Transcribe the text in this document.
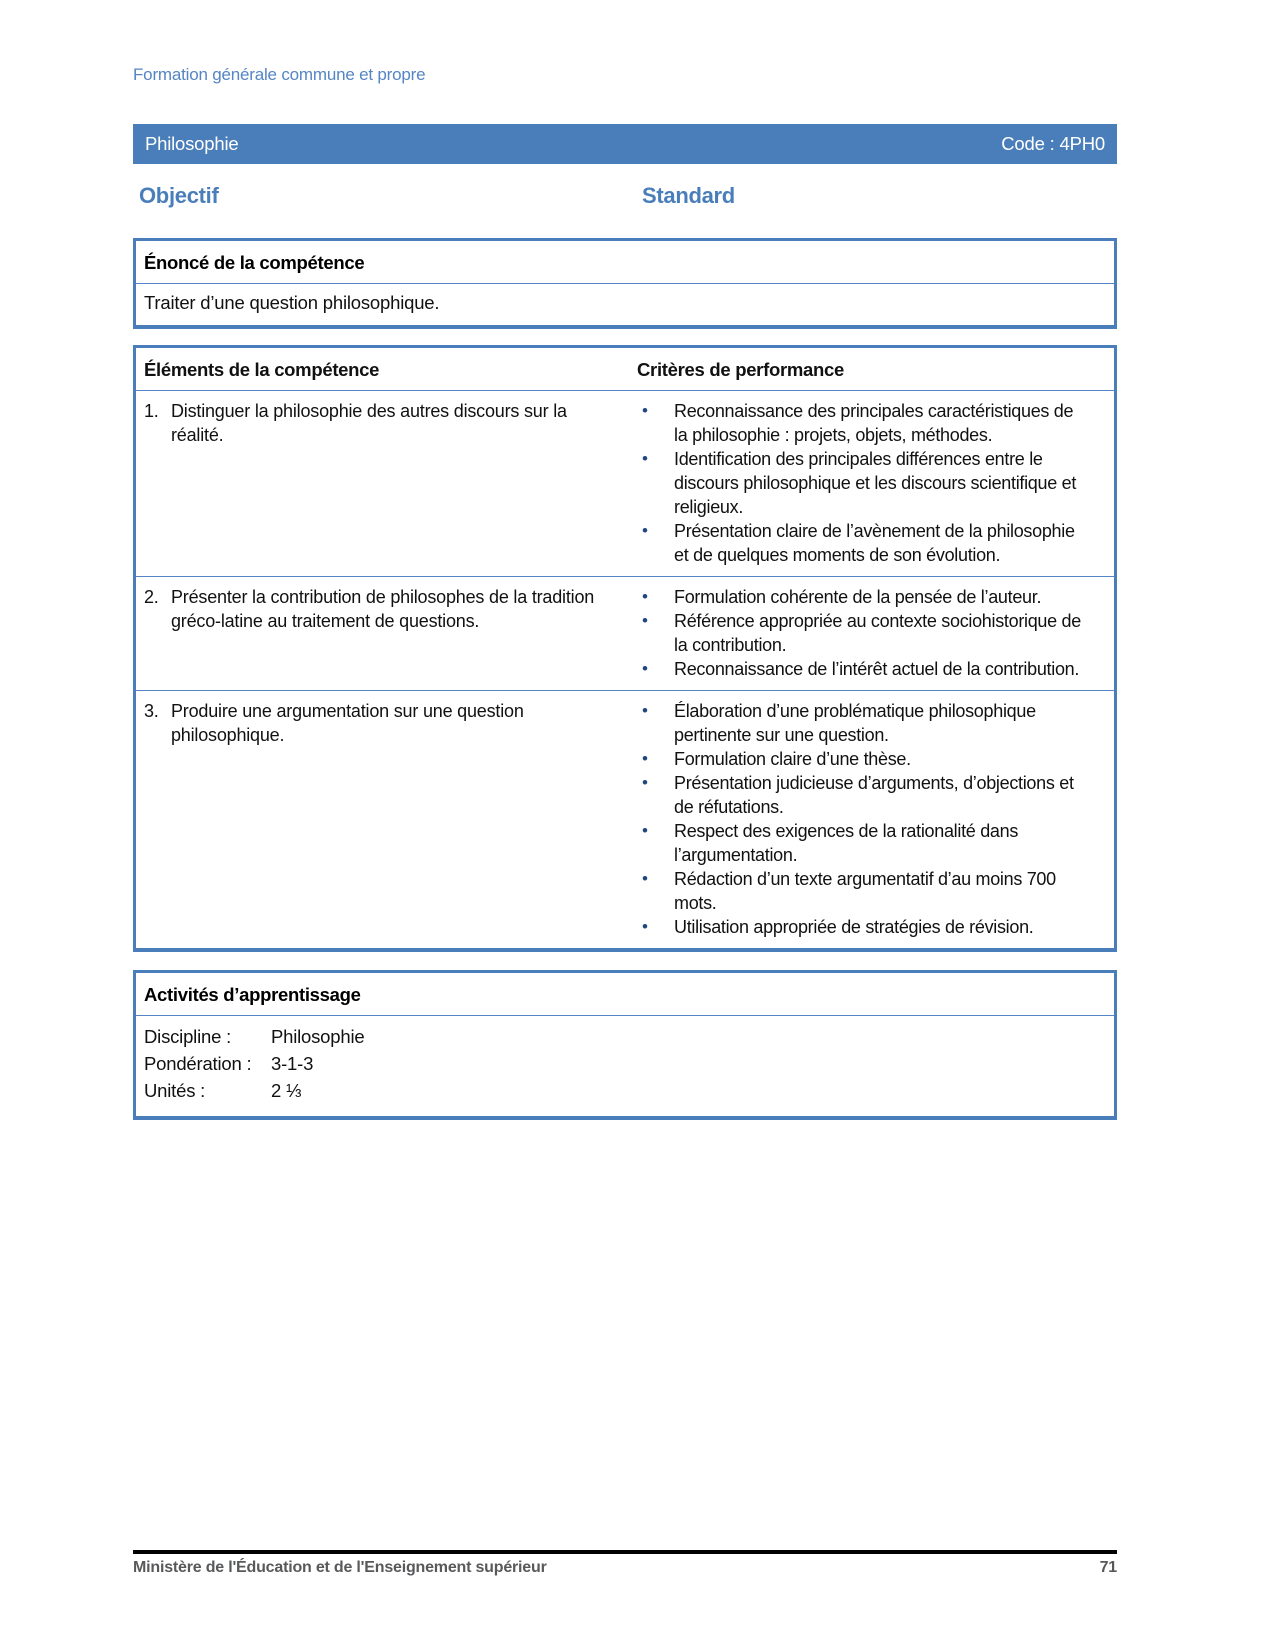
Formation générale commune et propre
Philosophie	Code : 4PH0
Objectif	Standard
Énoncé de la compétence
Traiter d’une question philosophique.
Éléments de la compétence	Critères de performance
1. Distinguer la philosophie des autres discours sur la réalité.
•	Reconnaissance des principales caractéristiques de la philosophie : projets, objets, méthodes.
•	Identification des principales différences entre le discours philosophique et les discours scientifique et religieux.
•	Présentation claire de l’avènement de la philosophie et de quelques moments de son évolution.
2. Présenter la contribution de philosophes de la tradition gréco-latine au traitement de questions.
•	Formulation cohérente de la pensée de l’auteur.
•	Référence appropriée au contexte sociohistorique de la contribution.
•	Reconnaissance de l’intérêt actuel de la contribution.
3. Produire une argumentation sur une question philosophique.
•	Élaboration d’une problématique philosophique pertinente sur une question.
•	Formulation claire d’une thèse.
•	Présentation judicieuse d’arguments, d’objections et de réfutations.
•	Respect des exigences de la rationalité dans l’argumentation.
•	Rédaction d’un texte argumentatif d’au moins 700 mots.
•	Utilisation appropriée de stratégies de révision.
Activités d’apprentissage
Discipline :	Philosophie
Pondération :	3-1-3
Unités :	2 ⅓
Ministère de l'Éducation et de l'Enseignement supérieur	71
